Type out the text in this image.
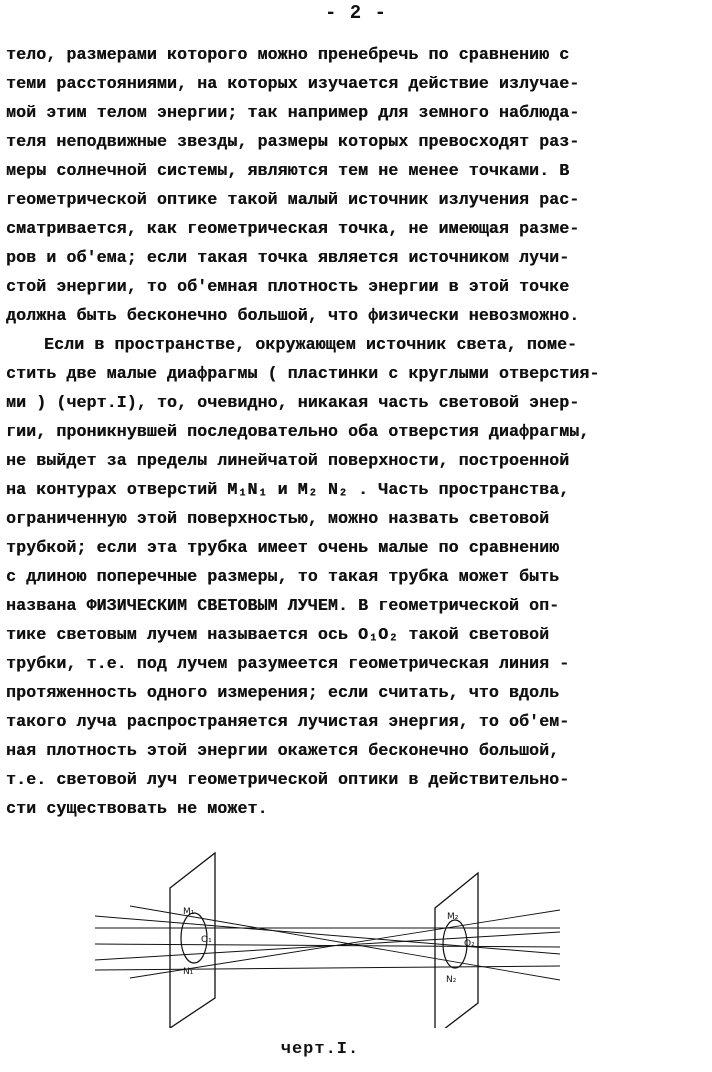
- 2 -
тело, размерами которого можно пренебречь по сравнению с
теми расстояниями, на которых изучается действие излучае-
мой этим телом энергии; так например для земного наблюда-
теля неподвижные звезды, размеры которых превосходят раз-
меры солнечной системы, являются тем не менее точками. В
геометрической оптике такой малый источник излучения рас-
сматривается, как геометрическая точка, не имеющая разме-
ров и об'ема; если такая точка является источником лучи-
стой энергии, то об'емная плотность энергии в этой точке
должна быть бесконечно большой, что физически невозможно.
Если в пространстве, окружающем источник света, поме-
стить две малые диафрагмы ( пластинки с круглыми отверстия-
ми ) (черт.I), то, очевидно, никакая часть световой энер-
гии, проникнувшей последовательно оба отверстия диафрагмы,
не выйдет за пределы линейчатой поверхности, построенной
на контурах отверстий M₁N₁ и M₂ N₂ . Часть пространства,
ограниченную этой поверхностью, можно назвать световой
трубкой; если эта трубка имеет очень малые по сравнению
с длиною поперечные размеры, то такая трубка может быть
названа ФИЗИЧЕСКИМ СВЕТОВЫМ ЛУЧЕМ. В геометрической оп-
тике световым лучем называется ось O₁O₂ такой световой
трубки, т.е. под лучем разумеется геометрическая линия -
протяженность одного измерения; если считать, что вдоль
такого луча распространяется лучистая энергия, то об'ем-
ная плотность этой энергии окажется бесконечно большой,
т.е. световой луч геометрической оптики в действительно-
сти существовать не может.
M₁
N₁
O₁
M₂
N₂
O₂
черт.I.
